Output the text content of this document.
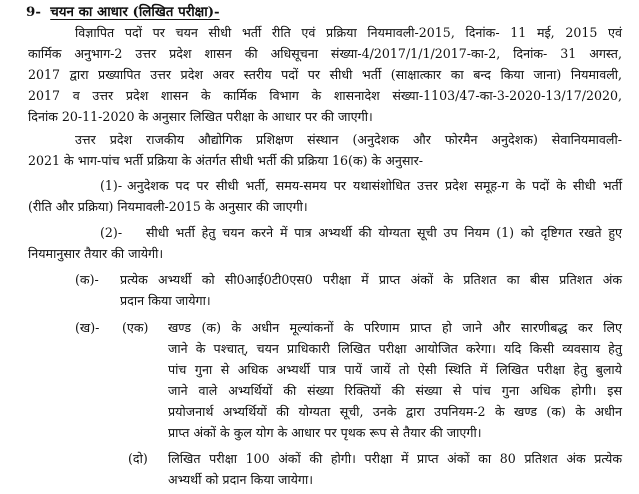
9- चयन का आधार (लिखित परीक्षा)-
विज्ञापित पदों पर चयन सीधी भर्ती रीति एवं प्रक्रिया नियमावली-2015, दिनांक- 11 मई, 2015 एवं
कार्मिक अनुभाग-2 उत्तर प्रदेश शासन की अधिसूचना संख्या-4/2017/1/1/2017-का-2, दिनांक- 31 अगस्त,
2017 द्वारा प्रख्यापित उत्तर प्रदेश अवर स्तरीय पदों पर सीधी भर्ती (साक्षात्कार का बन्द किया जाना) नियमावली,
2017 व उत्तर प्रदेश शासन के कार्मिक विभाग के शासनादेश संख्या-1103/47-का-3-2020-13/17/2020,
दिनांक 20-11-2020 के अनुसार लिखित परीक्षा के आधार पर की जाएगी।
उत्तर प्रदेश राजकीय औद्योगिक प्रशिक्षण संस्थान (अनुदेशक और फोरमैन अनुदेशक) सेवानियमावली-
2021 के भाग-पांच भर्ती प्रक्रिया के अंतर्गत सीधी भर्ती की प्रक्रिया 16(क) के अनुसार-
(1)- अनुदेशक पद पर सीधी भर्ती, समय-समय पर यथासंशोधित उत्तर प्रदेश समूह-ग के पदों के सीधी भर्ती
(रीति और प्रक्रिया) नियमावली-2015 के अनुसार की जाएगी।
(2)- सीधी भर्ती हेतु चयन करने में पात्र अभ्यर्थी की योग्यता सूची उप नियम (1) को दृष्टिगत रखते हुए
नियमानुसार तैयार की जायेगी।
(क)- प्रत्येक अभ्यर्थी को सी0आई0टी0एस0 परीक्षा में प्राप्त अंकों के प्रतिशत का बीस प्रतिशत अंक
प्रदान किया जायेगा।
(ख)- (एक) खण्ड (क) के अधीन मूल्यांकनों के परिणाम प्राप्त हो जाने और सारणीबद्ध कर लिए
जाने के पश्चात्, चयन प्राधिकारी लिखित परीक्षा आयोजित करेगा। यदि किसी व्यवसाय हेतु
पांच गुना से अधिक अभ्यर्थी पात्र पायें जायें तो ऐसी स्थिति में लिखित परीक्षा हेतु बुलाये
जाने वाले अभ्यर्थियों की संख्या रिक्तियों की संख्या से पांच गुना अधिक होगी। इस
प्रयोजनार्थ अभ्यर्थियों की योग्यता सूची, उनके द्वारा उपनियम-2 के खण्ड (क) के अधीन
प्राप्त अंकों के कुल योग के आधार पर पृथक रूप से तैयार की जाएगी।
(दो) लिखित परीक्षा 100 अंकों की होगी। परीक्षा में प्राप्त अंकों का 80 प्रतिशत अंक प्रत्येक
अभ्यर्थी को प्रदान किया जायेगा।
